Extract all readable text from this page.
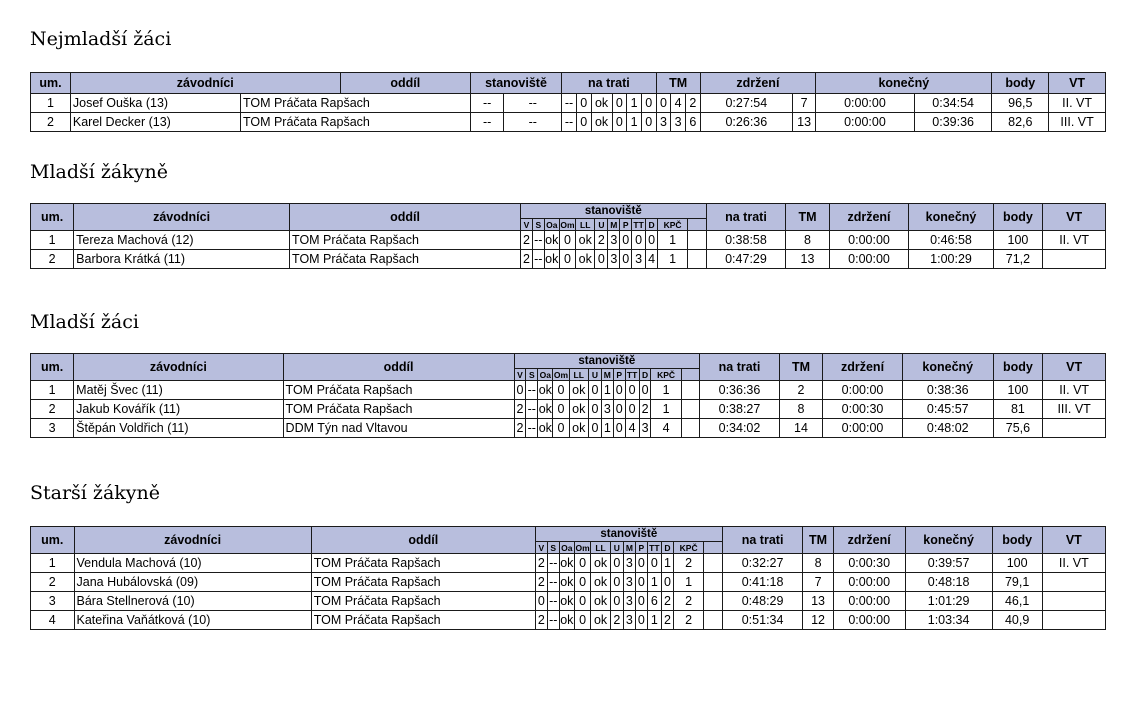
Nejmladší žáci
um.	závodníci		oddíl	stanoviště		na trati						TM			zdržení		konečný		body	VT
1	Josef Ouška (13)	TOM Práčata Rapšach		--	--	--	0	ok	0	1	0	0	4	2	0:27:54	7	0:00:00	0:34:54	96,5	II. VT
2	Karel Decker (13)	TOM Práčata Rapšach		--	--	--	0	ok	0	1	0	3	3	6	0:26:36	13	0:00:00	0:39:36	82,6	III. VT
Mladší žákyně
um.	závodníci	oddíl	stanoviště												na trati	TM	zdržení	konečný	body	VT
			V	S	Oa	Om	LL	U	M	P	TT	D	KPČ							
1	Tereza Machová (12)	TOM Práčata Rapšach	2	--	ok	0	ok	2	3	0	0	0	1		0:38:58	8	0:00:00	0:46:58	100	II. VT
2	Barbora Krátká (11)	TOM Práčata Rapšach	2	--	ok	0	ok	0	3	0	3	4	1		0:47:29	13	0:00:00	1:00:29	71,2	
Mladší žáci
um.	závodníci	oddíl	stanoviště												na trati	TM	zdržení	konečný	body	VT
			V	S	Oa	Om	LL	U	M	P	TT	D	KPČ							
1	Matěj Švec (11)	TOM Práčata Rapšach	0	--	ok	0	ok	0	1	0	0	0	1		0:36:36	2	0:00:00	0:38:36	100	II. VT
2	Jakub Kovářík (11)	TOM Práčata Rapšach	2	--	ok	0	ok	0	3	0	0	2	1		0:38:27	8	0:00:30	0:45:57	81	III. VT
3	Štěpán Voldřich (11)	DDM Týn nad Vltavou	2	--	ok	0	ok	0	1	0	4	3	4		0:34:02	14	0:00:00	0:48:02	75,6	
Starší žákyně
um.	závodníci	oddíl	stanoviště												na trati	TM	zdržení	konečný	body	VT
			V	S	Oa	Om	LL	U	M	P	TT	D	KPČ							
1	Vendula Machová (10)	TOM Práčata Rapšach	2	--	ok	0	ok	0	3	0	0	1	2		0:32:27	8	0:00:30	0:39:57	100	II. VT
2	Jana Hubálovská (09)	TOM Práčata Rapšach	2	--	ok	0	ok	0	3	0	1	0	1		0:41:18	7	0:00:00	0:48:18	79,1	
3	Bára Stellnerová (10)	TOM Práčata Rapšach	0	--	ok	0	ok	0	3	0	6	2	2		0:48:29	13	0:00:00	1:01:29	46,1	
4	Kateřina Vaňátková (10)	TOM Práčata Rapšach	2	--	ok	0	ok	2	3	0	1	2	2		0:51:34	12	0:00:00	1:03:34	40,9	
